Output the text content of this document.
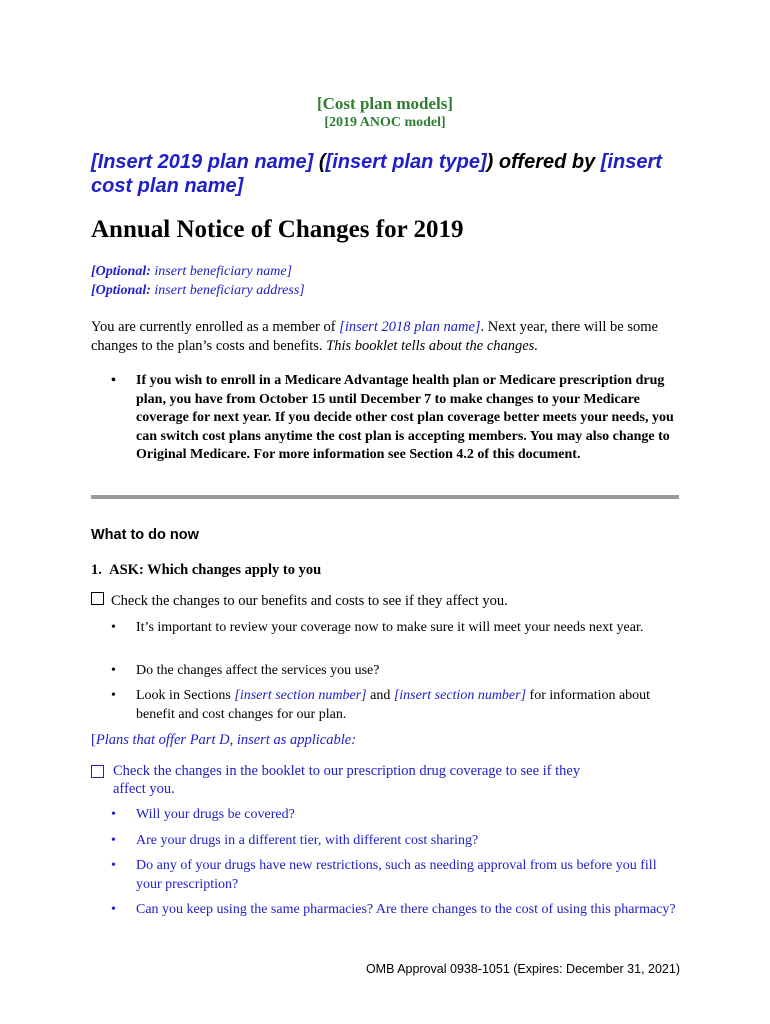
[Cost plan models]
[2019 ANOC model]
[Insert 2019 plan name] ([insert plan type]) offered by [insert cost plan name]
Annual Notice of Changes for 2019
[Optional: insert beneficiary name]
[Optional: insert beneficiary address]
You are currently enrolled as a member of [insert 2018 plan name]. Next year, there will be some changes to the plan’s costs and benefits. This booklet tells about the changes.
• If you wish to enroll in a Medicare Advantage health plan or Medicare prescription drug plan, you have from October 15 until December 7 to make changes to your Medicare coverage for next year. If you decide other cost plan coverage better meets your needs, you can switch cost plans anytime the cost plan is accepting members. You may also change to Original Medicare. For more information see Section 4.2 of this document.
What to do now
1. ASK: Which changes apply to you
Check the changes to our benefits and costs to see if they affect you.
• It’s important to review your coverage now to make sure it will meet your needs next year.
• Do the changes affect the services you use?
• Look in Sections [insert section number] and [insert section number] for information about benefit and cost changes for our plan.
[Plans that offer Part D, insert as applicable:
Check the changes in the booklet to our prescription drug coverage to see if they affect you.
• Will your drugs be covered?
• Are your drugs in a different tier, with different cost sharing?
• Do any of your drugs have new restrictions, such as needing approval from us before you fill your prescription?
• Can you keep using the same pharmacies? Are there changes to the cost of using this pharmacy?
OMB Approval 0938-1051 (Expires: December 31, 2021)
